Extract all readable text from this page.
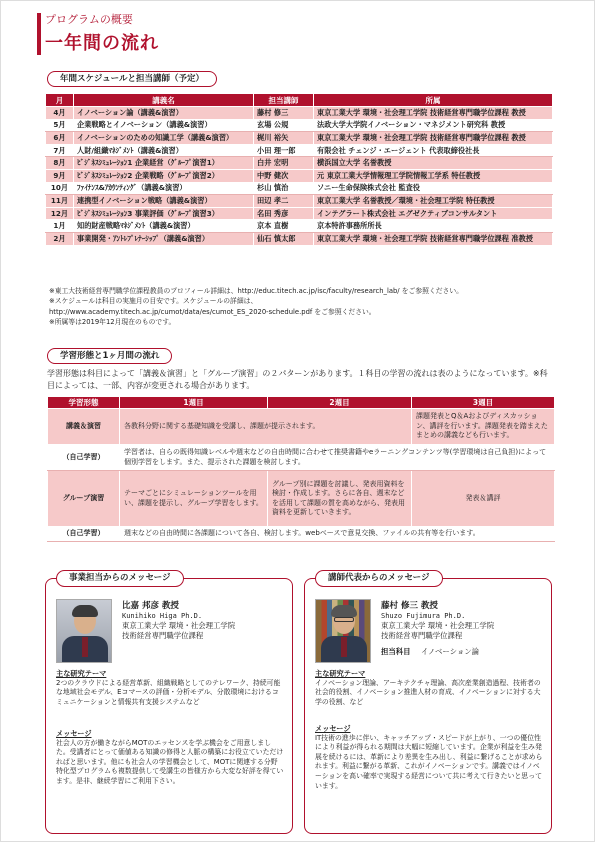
プログラムの概要
一年間の流れ
年間スケジュールと担当講師（予定）
月	講義名	担当講師	所属
4月	イノベーション論（講義&演習）	藤村 修三	東京工業大学 環境・社会理工学院 技術経営専門職学位課程 教授
5月	企業戦略とイノベーション（講義&演習）	玄場 公規	法政大学大学院イノベーション・マネジメント研究科 教授
6月	イノベーションのための知識工学（講義&演習）	梶川 裕矢	東京工業大学 環境・社会理工学院 技術経営専門職学位課程 教授
7月	人財/組織ﾏﾈｼﾞﾒﾝﾄ（講義&演習）	小田 理一郎	有限会社 チェンジ・エージェント 代表取締役社長
8月	ﾋﾞｼﾞﾈｽｼﾐｭﾚｰｼｮﾝ1 企業経営（ｸﾞﾙｰﾌﾟ演習1）	白井 宏明	横浜国立大学 名誉教授
9月	ﾋﾞｼﾞﾈｽｼﾐｭﾚｰｼｮﾝ2 企業戦略（ｸﾞﾙｰﾌﾟ演習2）	中野 健次	元 東京工業大学情報理工学院情報工学系 特任教授
10月	ﾌｧｲﾅﾝｽ&ｱｶｳﾝﾃｨﾝｸﾞ（講義&演習）	杉山 慎治	ソニー生命保険株式会社 監査役
11月	連携型イノベーション戦略（講義&演習）	田辺 孝二	東京工業大学 名誉教授／環境・社会理工学院 特任教授
12月	ﾋﾞｼﾞﾈｽｼﾐｭﾚｰｼｮﾝ3 事業評価（ｸﾞﾙｰﾌﾟ演習3）	名田 秀彦	インテグラート株式会社 エグゼクティブコンサルタント
1月	知的財産戦略ﾏﾈｼﾞﾒﾝﾄ（講義&演習）	京本 直樹	京本特許事務所所長
2月	事業開発・ｱﾝﾄﾚﾌﾟﾚﾅｰｼｯﾌﾟ（講義&演習）	仙石 慎太郎	東京工業大学 環境・社会理工学院 技術経営専門職学位課程 准教授
※東工大技術経営専門職学位課程教員のプロフィール詳細は、http://educ.titech.ac.jp/isc/faculty/research_lab/ をご参照ください。
※スケジュールは科目の実施月の目安です。スケジュールの詳細は、
http://www.academy.titech.ac.jp/cumot/data/es/cumot_ES_2020-schedule.pdf をご参照ください。
※所属等は2019年12月現在のものです。
学習形態と1ヶ月間の流れ
学習形態は科目によって「講義＆演習」と「グループ演習」の２パターンがあります。１科目の学習の流れは表のようになっています。※科目によっては、一部、内容が変更される場合があります。
学習形態	1週目	2週目	3週目
講義＆演習	各教科分野に関する基礎知識を受講し、課題が提示されます。		課題発表とQ＆Aおよびディスカッション、講評を行います。課題発表を踏まえたまとめの講義なども行います。
（自己学習）	学習者は、自らの既得知識レベルや週末などの自由時間に合わせて推奨書籍やeラーニングコンテンツ等(学習環境は自己負担)によって個別学習をします。また、提示された課題を検討します。		
グループ演習	テーマごとにシミュレーションツールを用い、課題を提示し、グループ学習をします。	グループ別に課題を討議し、発表用資料を検討・作成します。さらに各自、週末などを活用して課題の質を高めながら、発表用資料を更新していきます。	発表＆講評
（自己学習）	週末などの自由時間に各課題について各自、検討します。webベースで意見交換、ファイルの共有等を行います。		
事業担当からのメッセージ
比嘉 邦彦 教授
Kunihiko Higa Ph.D.
東京工業大学 環境・社会理工学院
技術経営専門職学位課程
主な研究テーマ
2つのクラウドによる経営革新、組織戦略としてのテレワーク、持続可能な地域社会モデル、Eコマースの評価・分析モデル、分散環境におけるコミュニケーションと情報共有支援システムなど
メッセージ
社会人の方が働きながらMOTのエッセンスを学ぶ機会をご用意しました。受講者にとって価値ある知識の修得と人脈の構築にお役立ていただければと思います。他にも社会人の学習機会として、MOTに関連する分野特化型プログラムも複数提供して受講生の皆様方から大変な好評を得ています。是非、継続学習にご利用下さい。
講師代表からのメッセージ
藤村 修三 教授
Shuzo Fujimura Ph.D.
東京工業大学 環境・社会理工学院
技術経営専門職学位課程
担当科目 イノベーション論
主な研究テーマ
イノベーション理論、アーキテクチャ理論、高次産業創造過程、技術者の社会的役割、イノベーション推進人材の育成、イノベーションに対する大学の役割、など
メッセージ
IT技術の進歩に伴い、キャッチアップ・スピードが上がり、一つの優位性により利益が得られる期間は大幅に短縮しています。企業が利益を生み発展を続けるには、革新により差異を生み出し、利益に繋げることが求められます。利益に繋がる革新、これがイノベーションです。講義ではイノベーションを高い確率で実現する経営について共に考えて行きたいと思っています。
